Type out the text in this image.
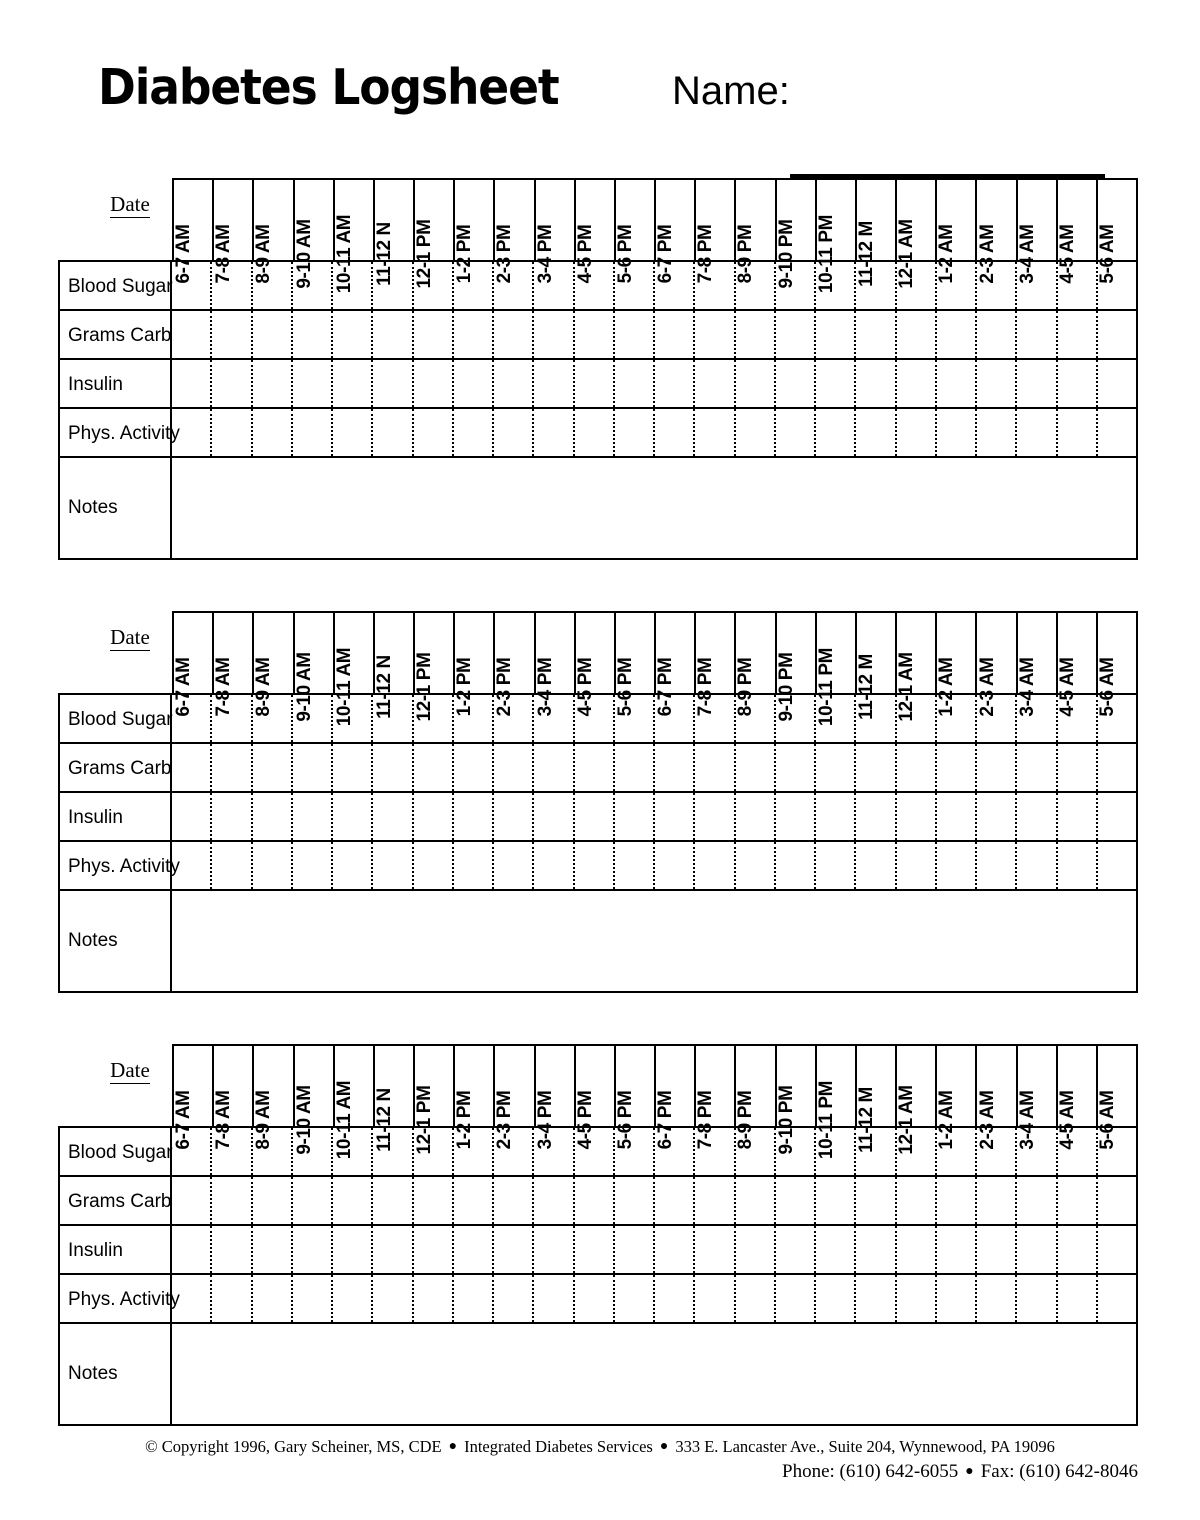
Diabetes Logsheet	Name:
Date
6-7 AM 7-8 AM 8-9 AM 9-10 AM 10-11 AM 11-12 N 12-1 PM 1-2 PM 2-3 PM 3-4 PM 4-5 PM 5-6 PM 6-7 PM 7-8 PM 8-9 PM 9-10 PM 10-11 PM 11-12 M 12-1 AM 1-2 AM 2-3 AM 3-4 AM 4-5 AM 5-6 AM
Blood Sugar
Grams Carb
Insulin
Phys. Activity
Notes
Date
6-7 AM 7-8 AM 8-9 AM 9-10 AM 10-11 AM 11-12 N 12-1 PM 1-2 PM 2-3 PM 3-4 PM 4-5 PM 5-6 PM 6-7 PM 7-8 PM 8-9 PM 9-10 PM 10-11 PM 11-12 M 12-1 AM 1-2 AM 2-3 AM 3-4 AM 4-5 AM 5-6 AM
Blood Sugar
Grams Carb
Insulin
Phys. Activity
Notes
Date
6-7 AM 7-8 AM 8-9 AM 9-10 AM 10-11 AM 11-12 N 12-1 PM 1-2 PM 2-3 PM 3-4 PM 4-5 PM 5-6 PM 6-7 PM 7-8 PM 8-9 PM 9-10 PM 10-11 PM 11-12 M 12-1 AM 1-2 AM 2-3 AM 3-4 AM 4-5 AM 5-6 AM
Blood Sugar
Grams Carb
Insulin
Phys. Activity
Notes
© Copyright 1996, Gary Scheiner, MS, CDE ● Integrated Diabetes Services ● 333 E. Lancaster Ave., Suite 204, Wynnewood, PA 19096
Phone: (610) 642-6055 ● Fax: (610) 642-8046
